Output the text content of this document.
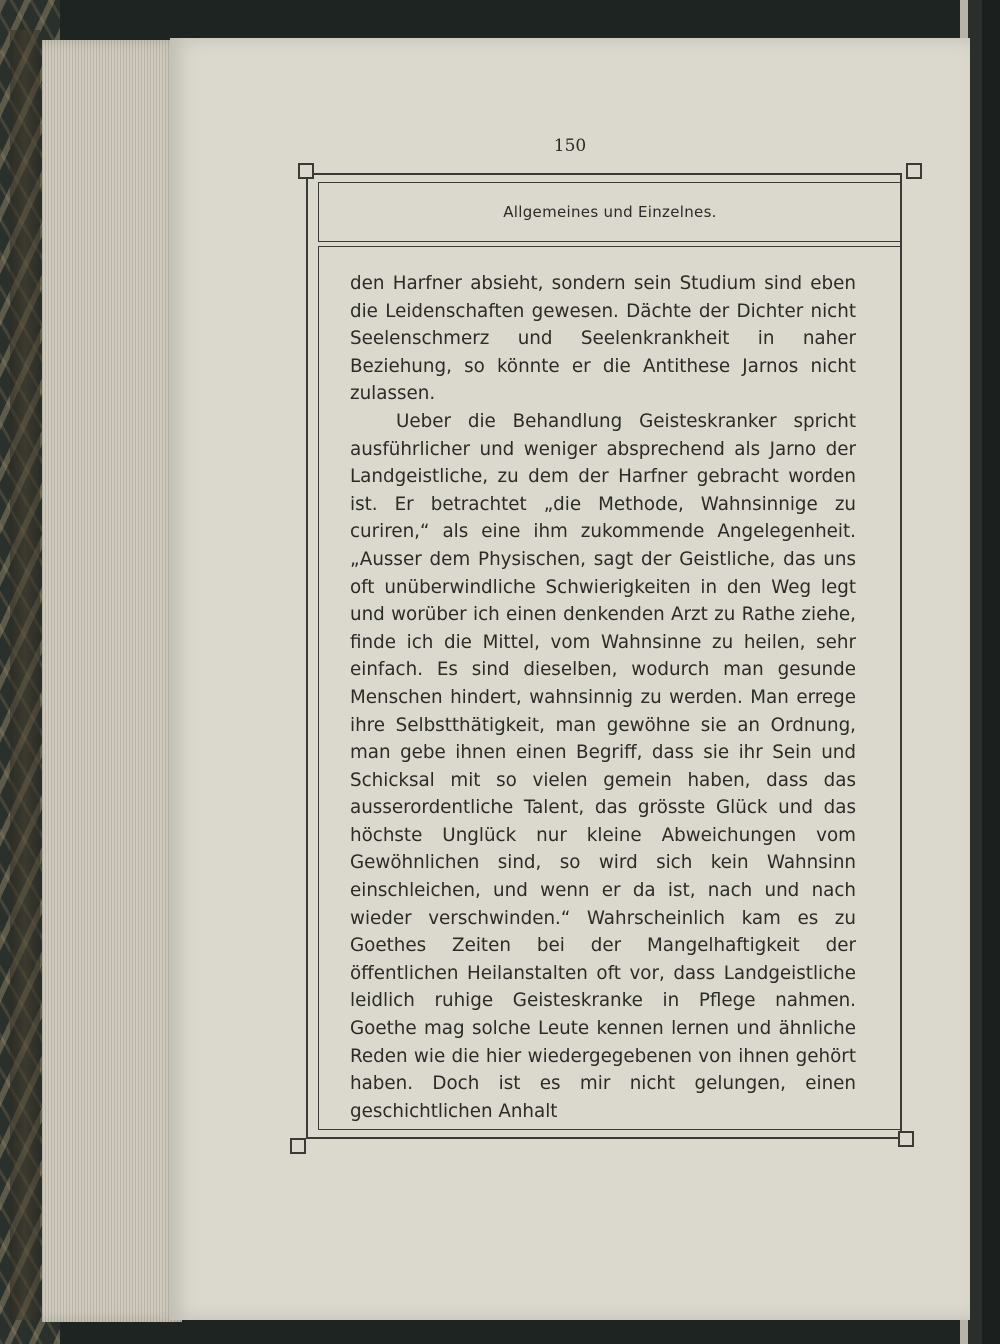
150
Allgemeines und Einzelnes.

den Harfner absieht, sondern sein Studium sind eben die Leidenschaften gewesen. Dächte der Dichter nicht Seelenschmerz und Seelenkrankheit in naher Beziehung, so könnte er die Antithese Jarnos nicht zulassen.

Ueber die Behandlung Geisteskranker spricht ausführlicher und weniger absprechend als Jarno der Landgeistliche, zu dem der Harfner gebracht worden ist. Er betrachtet „die Methode, Wahnsinnige zu curiren,“ als eine ihm zukommende Angelegenheit. „Ausser dem Physischen, sagt der Geistliche, das uns oft unüberwindliche Schwierigkeiten in den Weg legt und worüber ich einen denkenden Arzt zu Rathe ziehe, finde ich die Mittel, vom Wahnsinne zu heilen, sehr einfach. Es sind dieselben, wodurch man gesunde Menschen hindert, wahnsinnig zu werden. Man errege ihre Selbstthätigkeit, man gewöhne sie an Ordnung, man gebe ihnen einen Begriff, dass sie ihr Sein und Schicksal mit so vielen gemein haben, dass das ausserordentliche Talent, das grösste Glück und das höchste Unglück nur kleine Abweichungen vom Gewöhnlichen sind, so wird sich kein Wahnsinn einschleichen, und wenn er da ist, nach und nach wieder verschwinden.“ Wahrscheinlich kam es zu Goethes Zeiten bei der Mangelhaftigkeit der öffentlichen Heilanstalten oft vor, dass Landgeistliche leidlich ruhige Geisteskranke in Pflege nahmen. Goethe mag solche Leute kennen lernen und ähnliche Reden wie die hier wiedergegebenen von ihnen gehört haben. Doch ist es mir nicht gelungen, einen geschichtlichen Anhalt
